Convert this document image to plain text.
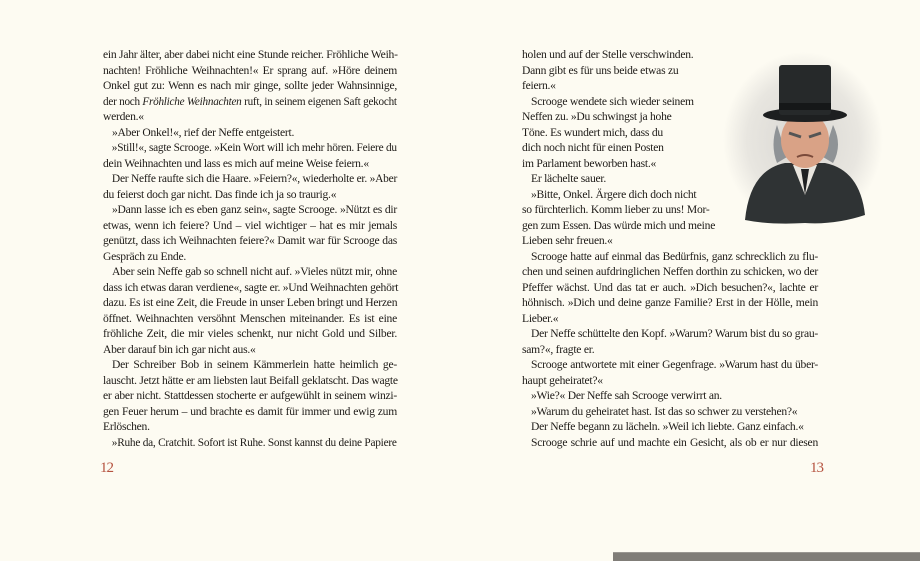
ein Jahr älter, aber dabei nicht eine Stunde reicher. Fröhliche Weih-
nachten! Fröhliche Weihnachten!« Er sprang auf. »Höre deinem
Onkel gut zu: Wenn es nach mir ginge, sollte jeder Wahnsinnige,
der noch Fröhliche Weihnachten ruft, in seinem eigenen Saft gekocht
werden.«
»Aber Onkel!«, rief der Neffe entgeistert.
»Still!«, sagte Scrooge. »Kein Wort will ich mehr hören. Feiere du
dein Weihnachten und lass es mich auf meine Weise feiern.«
Der Neffe raufte sich die Haare. »Feiern?«, wiederholte er. »Aber
du feierst doch gar nicht. Das finde ich ja so traurig.«
»Dann lasse ich es eben ganz sein«, sagte Scrooge. »Nützt es dir
etwas, wenn ich feiere? Und – viel wichtiger – hat es mir jemals
genützt, dass ich Weihnachten feiere?« Damit war für Scrooge das
Gespräch zu Ende.
Aber sein Neffe gab so schnell nicht auf. »Vieles nützt mir, ohne
dass ich etwas daran verdiene«, sagte er. »Und Weihnachten gehört
dazu. Es ist eine Zeit, die Freude in unser Leben bringt und Herzen
öffnet. Weihnachten versöhnt Menschen miteinander. Es ist eine
fröhliche Zeit, die mir vieles schenkt, nur nicht Gold und Silber.
Aber darauf bin ich gar nicht aus.«
Der Schreiber Bob in seinem Kämmerlein hatte heimlich ge-
lauscht. Jetzt hätte er am liebsten laut Beifall geklatscht. Das wagte
er aber nicht. Stattdessen stocherte er aufgewühlt in seinem winzi-
gen Feuer herum – und brachte es damit für immer und ewig zum
Erlöschen.
»Ruhe da, Cratchit. Sofort ist Ruhe. Sonst kannst du deine Papiere
holen und auf der Stelle verschwinden.
Dann gibt es für uns beide etwas zu
feiern.«
Scrooge wendete sich wieder seinem
Neffen zu. »Du schwingst ja hohe
Töne. Es wundert mich, dass du
dich noch nicht für einen Posten
im Parlament beworben hast.«
Er lächelte sauer.
»Bitte, Onkel. Ärgere dich doch nicht
so fürchterlich. Komm lieber zu uns! Mor-
gen zum Essen. Das würde mich und meine
Lieben sehr freuen.«
Scrooge hatte auf einmal das Bedürfnis, ganz schrecklich zu flu-
chen und seinen aufdringlichen Neffen dorthin zu schicken, wo der
Pfeffer wächst. Und das tat er auch. »Dich besuchen?«, lachte er
höhnisch. »Dich und deine ganze Familie? Erst in der Hölle, mein
Lieber.«
Der Neffe schüttelte den Kopf. »Warum? Warum bist du so grau-
sam?«, fragte er.
Scrooge antwortete mit einer Gegenfrage. »Warum hast du über-
haupt geheiratet?«
»Wie?« Der Neffe sah Scrooge verwirrt an.
»Warum du geheiratet hast. Ist das so schwer zu verstehen?«
Der Neffe begann zu lächeln. »Weil ich liebte. Ganz einfach.«
Scrooge schrie auf und machte ein Gesicht, als ob er nur diesen
12	13
